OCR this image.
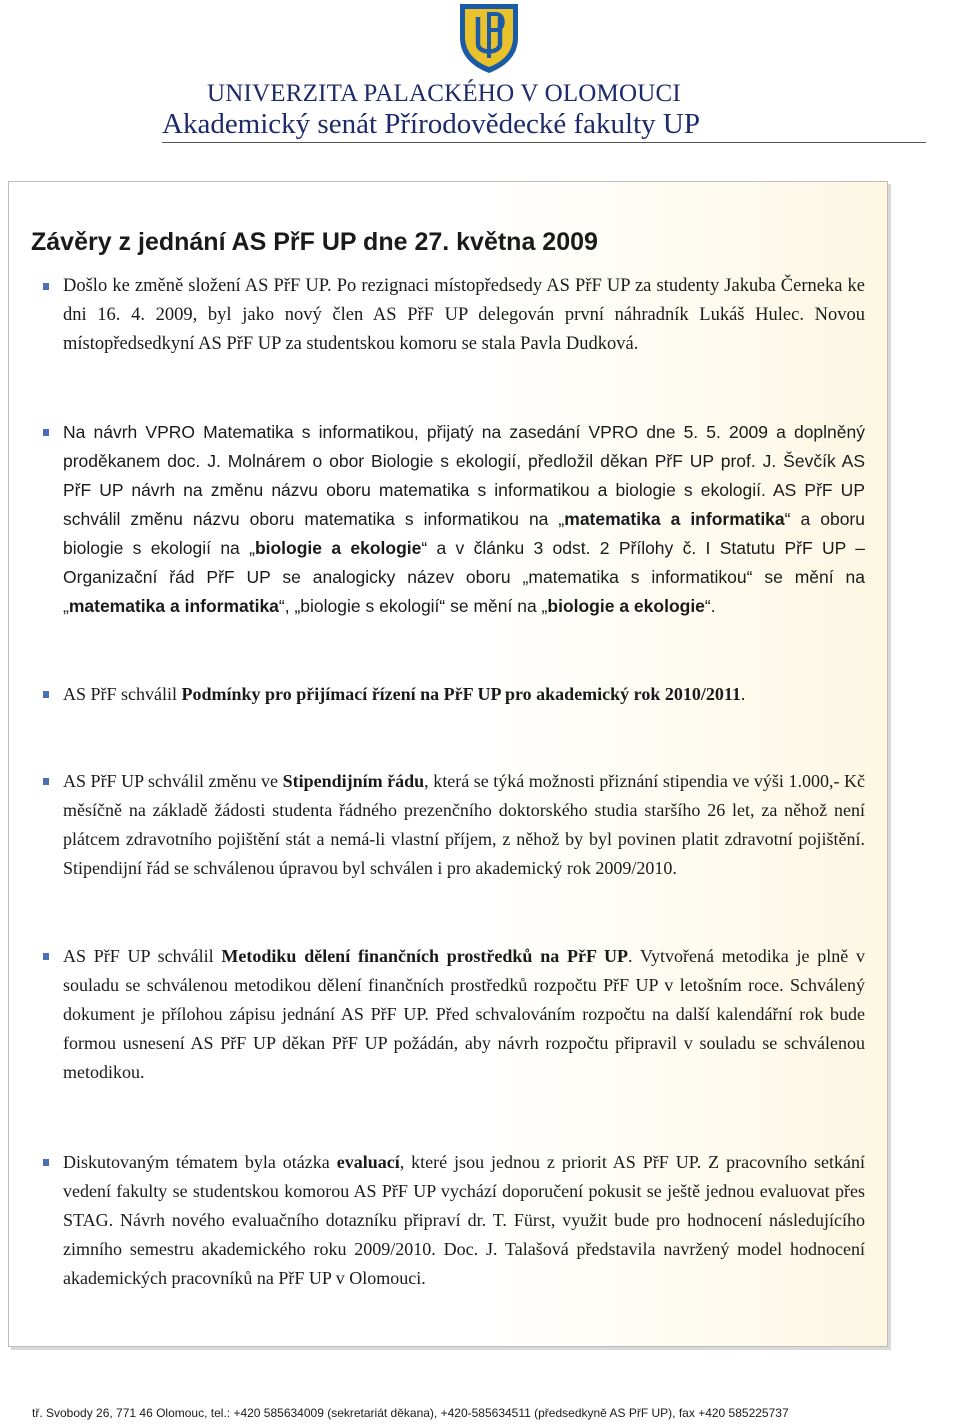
UNIVERZITA PALACKÉHO V OLOMOUCI
Akademický senát Přírodovědecké fakulty UP
Závěry z jednání AS PřF UP dne 27. května 2009

Došlo ke změně složení AS PřF UP. Po rezignaci místopředsedy AS PřF UP za studenty Jakuba Černeka ke dni 16. 4. 2009, byl jako nový člen AS PřF UP delegován první náhradník Lukáš Hulec. Novou místopředsedkyní AS PřF UP za studentskou komoru se stala Pavla Dudková.

Na návrh VPRO Matematika s informatikou, přijatý na zasedání VPRO dne 5. 5. 2009 a doplněný proděkanem doc. J. Molnárem o obor Biologie s ekologií, předložil děkan PřF UP prof. J. Ševčík AS PřF UP návrh na změnu názvu oboru matematika s informatikou a biologie s ekologií. AS PřF UP schválil změnu názvu oboru matematika s informatikou na „matematika a informatika“ a oboru biologie s ekologií na „biologie a ekologie“ a v článku 3 odst. 2 Přílohy č. I Statutu PřF UP – Organizační řád PřF UP se analogicky název oboru „matematika s informatikou“ se mění na „matematika a informatika“, „biologie s ekologií“ se mění na „biologie a ekologie“.

AS PřF schválil Podmínky pro přijímací řízení na PřF UP pro akademický rok 2010/2011.

AS PřF UP schválil změnu ve Stipendijním řádu, která se týká možnosti přiznání stipendia ve výši 1.000,- Kč měsíčně na základě žádosti studenta řádného prezenčního doktorského studia staršího 26 let, za něhož není plátcem zdravotního pojištění stát a nemá-li vlastní příjem, z něhož by byl povinen platit zdravotní pojištění. Stipendijní řád se schválenou úpravou byl schválen i pro akademický rok 2009/2010.

AS PřF UP schválil Metodiku dělení finančních prostředků na PřF UP. Vytvořená metodika je plně v souladu se schválenou metodikou dělení finančních prostředků rozpočtu PřF UP v letošním roce. Schválený dokument je přílohou zápisu jednání AS PřF UP. Před schvalováním rozpočtu na další kalendářní rok bude formou usnesení AS PřF UP děkan PřF UP požádán, aby návrh rozpočtu připravil v souladu se schválenou metodikou.

Diskutovaným tématem byla otázka evaluací, které jsou jednou z priorit AS PřF UP. Z pracovního setkání vedení fakulty se studentskou komorou AS PřF UP vychází doporučení pokusit se ještě jednou evaluovat přes STAG. Návrh nového evaluačního dotazníku připraví dr. T. Fürst, využit bude pro hodnocení následujícího zimního semestru akademického roku 2009/2010. Doc. J. Talašová představila navržený model hodnocení akademických pracovníků na PřF UP v Olomouci.

tř. Svobody 26, 771 46 Olomouc, tel.: +420 585634009 (sekretariát děkana), +420-585634511 (předsedkyně AS PřF UP), fax +420 585225737
